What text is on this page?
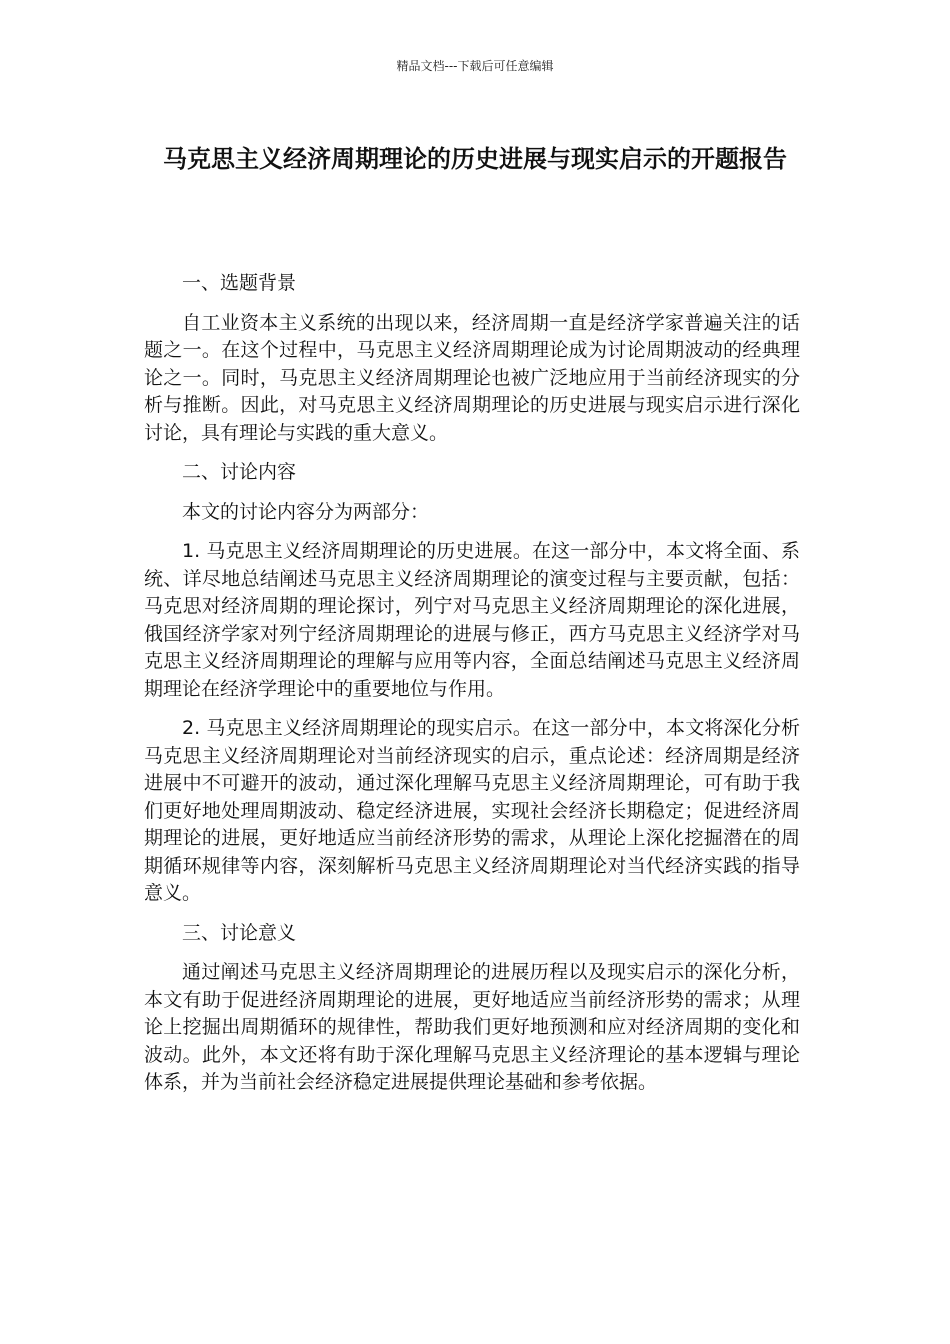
精品文档---下载后可任意编辑
马克思主义经济周期理论的历史进展与现实启示的开题报告

一、选题背景

自工业资本主义系统的出现以来，经济周期一直是经济学家普遍关注的话题之一。在这个过程中，马克思主义经济周期理论成为讨论周期波动的经典理论之一。同时，马克思主义经济周期理论也被广泛地应用于当前经济现实的分析与推断。因此，对马克思主义经济周期理论的历史进展与现实启示进行深化讨论，具有理论与实践的重大意义。

二、讨论内容

本文的讨论内容分为两部分：

1. 马克思主义经济周期理论的历史进展。在这一部分中，本文将全面、系统、详尽地总结阐述马克思主义经济周期理论的演变过程与主要贡献，包括：马克思对经济周期的理论探讨，列宁对马克思主义经济周期理论的深化进展，俄国经济学家对列宁经济周期理论的进展与修正，西方马克思主义经济学对马克思主义经济周期理论的理解与应用等内容，全面总结阐述马克思主义经济周期理论在经济学理论中的重要地位与作用。

2. 马克思主义经济周期理论的现实启示。在这一部分中，本文将深化分析马克思主义经济周期理论对当前经济现实的启示，重点论述：经济周期是经济进展中不可避开的波动，通过深化理解马克思主义经济周期理论，可有助于我们更好地处理周期波动、稳定经济进展，实现社会经济长期稳定；促进经济周期理论的进展，更好地适应当前经济形势的需求，从理论上深化挖掘潜在的周期循环规律等内容，深刻解析马克思主义经济周期理论对当代经济实践的指导意义。

三、讨论意义

通过阐述马克思主义经济周期理论的进展历程以及现实启示的深化分析，本文有助于促进经济周期理论的进展，更好地适应当前经济形势的需求；从理论上挖掘出周期循环的规律性，帮助我们更好地预测和应对经济周期的变化和波动。此外，本文还将有助于深化理解马克思主义经济理论的基本逻辑与理论体系，并为当前社会经济稳定进展提供理论基础和参考依据。
